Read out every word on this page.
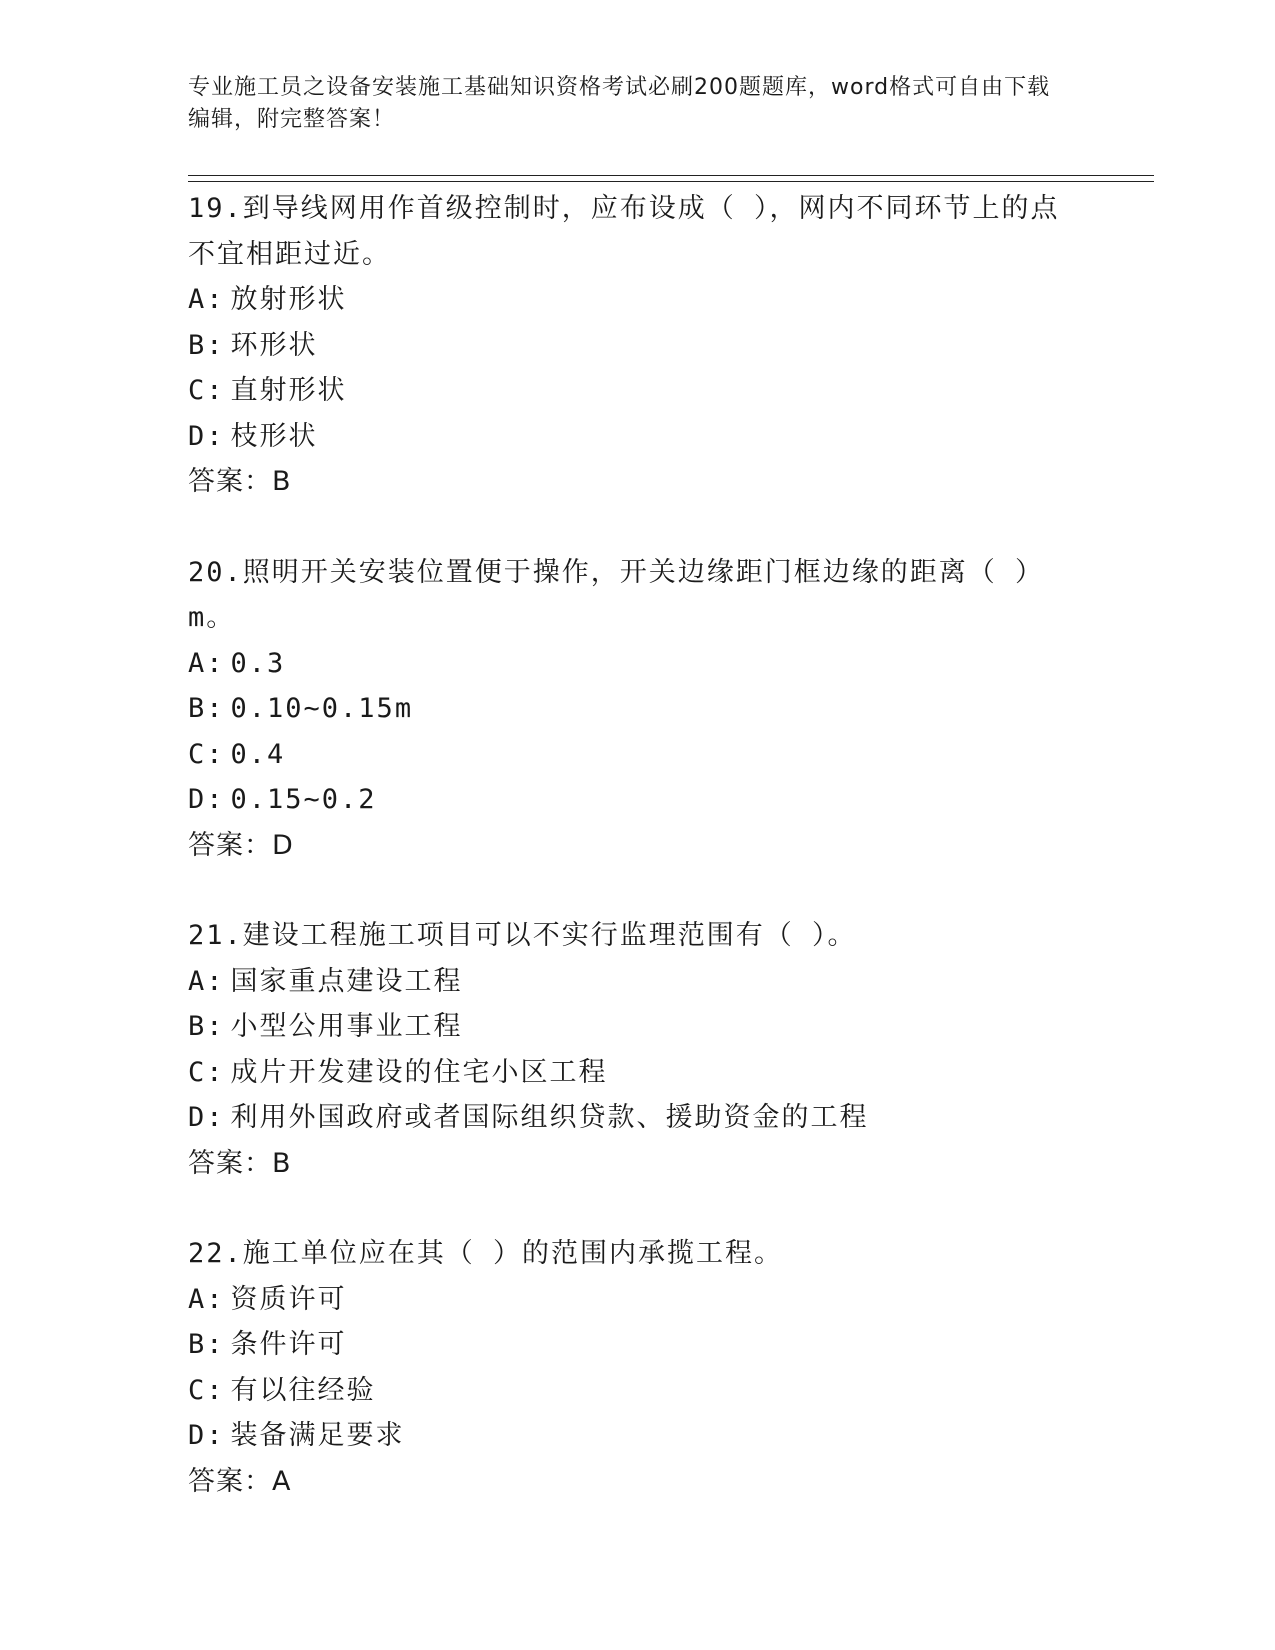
专业施工员之设备安装施工基础知识资格考试必刷200题题库，word格式可自由下载编辑，附完整答案！
19.到导线网用作首级控制时，应布设成（ ），网内不同环节上的点不宜相距过近。
A: 放射形状
B: 环形状
C: 直射形状
D: 枝形状
答案：B
20.照明开关安装位置便于操作，开关边缘距门框边缘的距离（ ）m。
A: 0.3
B: 0.10~0.15m
C: 0.4
D: 0.15~0.2
答案：D
21.建设工程施工项目可以不实行监理范围有（ ）。
A: 国家重点建设工程
B: 小型公用事业工程
C: 成片开发建设的住宅小区工程
D: 利用外国政府或者国际组织贷款、援助资金的工程
答案：B
22.施工单位应在其（ ）的范围内承揽工程。
A: 资质许可
B: 条件许可
C: 有以往经验
D: 装备满足要求
答案：A
